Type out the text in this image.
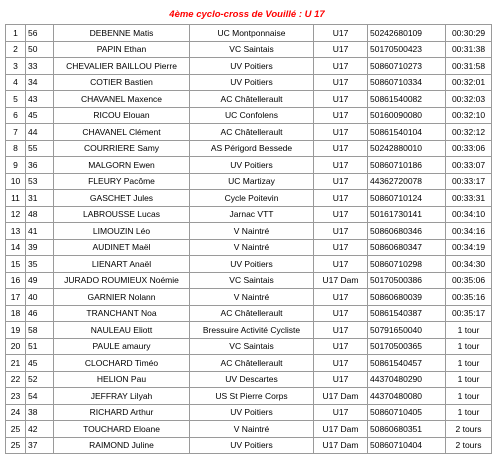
4ème cyclo-cross de Vouillé : U 17
1	56	DEBENNE Matis	UC Montponnaise	U17	50242680109	00:30:29
2	50	PAPIN Ethan	VC Saintais	U17	50170500423	00:31:38
3	33	CHEVALIER BAILLOU Pierre	UV Poitiers	U17	50860710273	00:31:58
4	34	COTIER Bastien	UV Poitiers	U17	50860710334	00:32:01
5	43	CHAVANEL Maxence	AC Châtellerault	U17	50861540082	00:32:03
6	45	RICOU Elouan	UC Confolens	U17	50160090080	00:32:10
7	44	CHAVANEL Clément	AC Châtellerault	U17	50861540104	00:32:12
8	55	COURRIERE Samy	AS Périgord Bessede	U17	50242880010	00:33:06
9	36	MALGORN Ewen	UV Poitiers	U17	50860710186	00:33:07
10	53	FLEURY Pacôme	UC Martizay	U17	44362720078	00:33:17
11	31	GASCHET Jules	Cycle Poitevin	U17	50860710124	00:33:31
12	48	LABROUSSE Lucas	Jarnac VTT	U17	50161730141	00:34:10
13	41	LIMOUZIN Léo	V Naintré	U17	50860680346	00:34:16
14	39	AUDINET Maël	V Naintré	U17	50860680347	00:34:19
15	35	LIENART Anaël	UV Poitiers	U17	50860710298	00:34:30
16	49	JURADO ROUMIEUX Noémie	VC Saintais	U17 Dam	50170500386	00:35:06
17	40	GARNIER Nolann	V Naintré	U17	50860680039	00:35:16
18	46	TRANCHANT Noa	AC Châtellerault	U17	50861540387	00:35:17
19	58	NAULEAU Eliott	Bressuire Activité Cycliste	U17	50791650040	1 tour
20	51	PAULE amaury	VC Saintais	U17	50170500365	1 tour
21	45	CLOCHARD Timéo	AC Châtellerault	U17	50861540457	1 tour
22	52	HELION Pau	UV Descartes	U17	44370480290	1 tour
23	54	JEFFRAY Lilyah	US St Pierre Corps	U17 Dam	44370480080	1 tour
24	38	RICHARD Arthur	UV Poitiers	U17	50860710405	1 tour
25	42	TOUCHARD Eloane	V Naintré	U17 Dam	50860680351	2 tours
25	37	RAIMOND Juline	UV Poitiers	U17 Dam	50860710404	2 tours
